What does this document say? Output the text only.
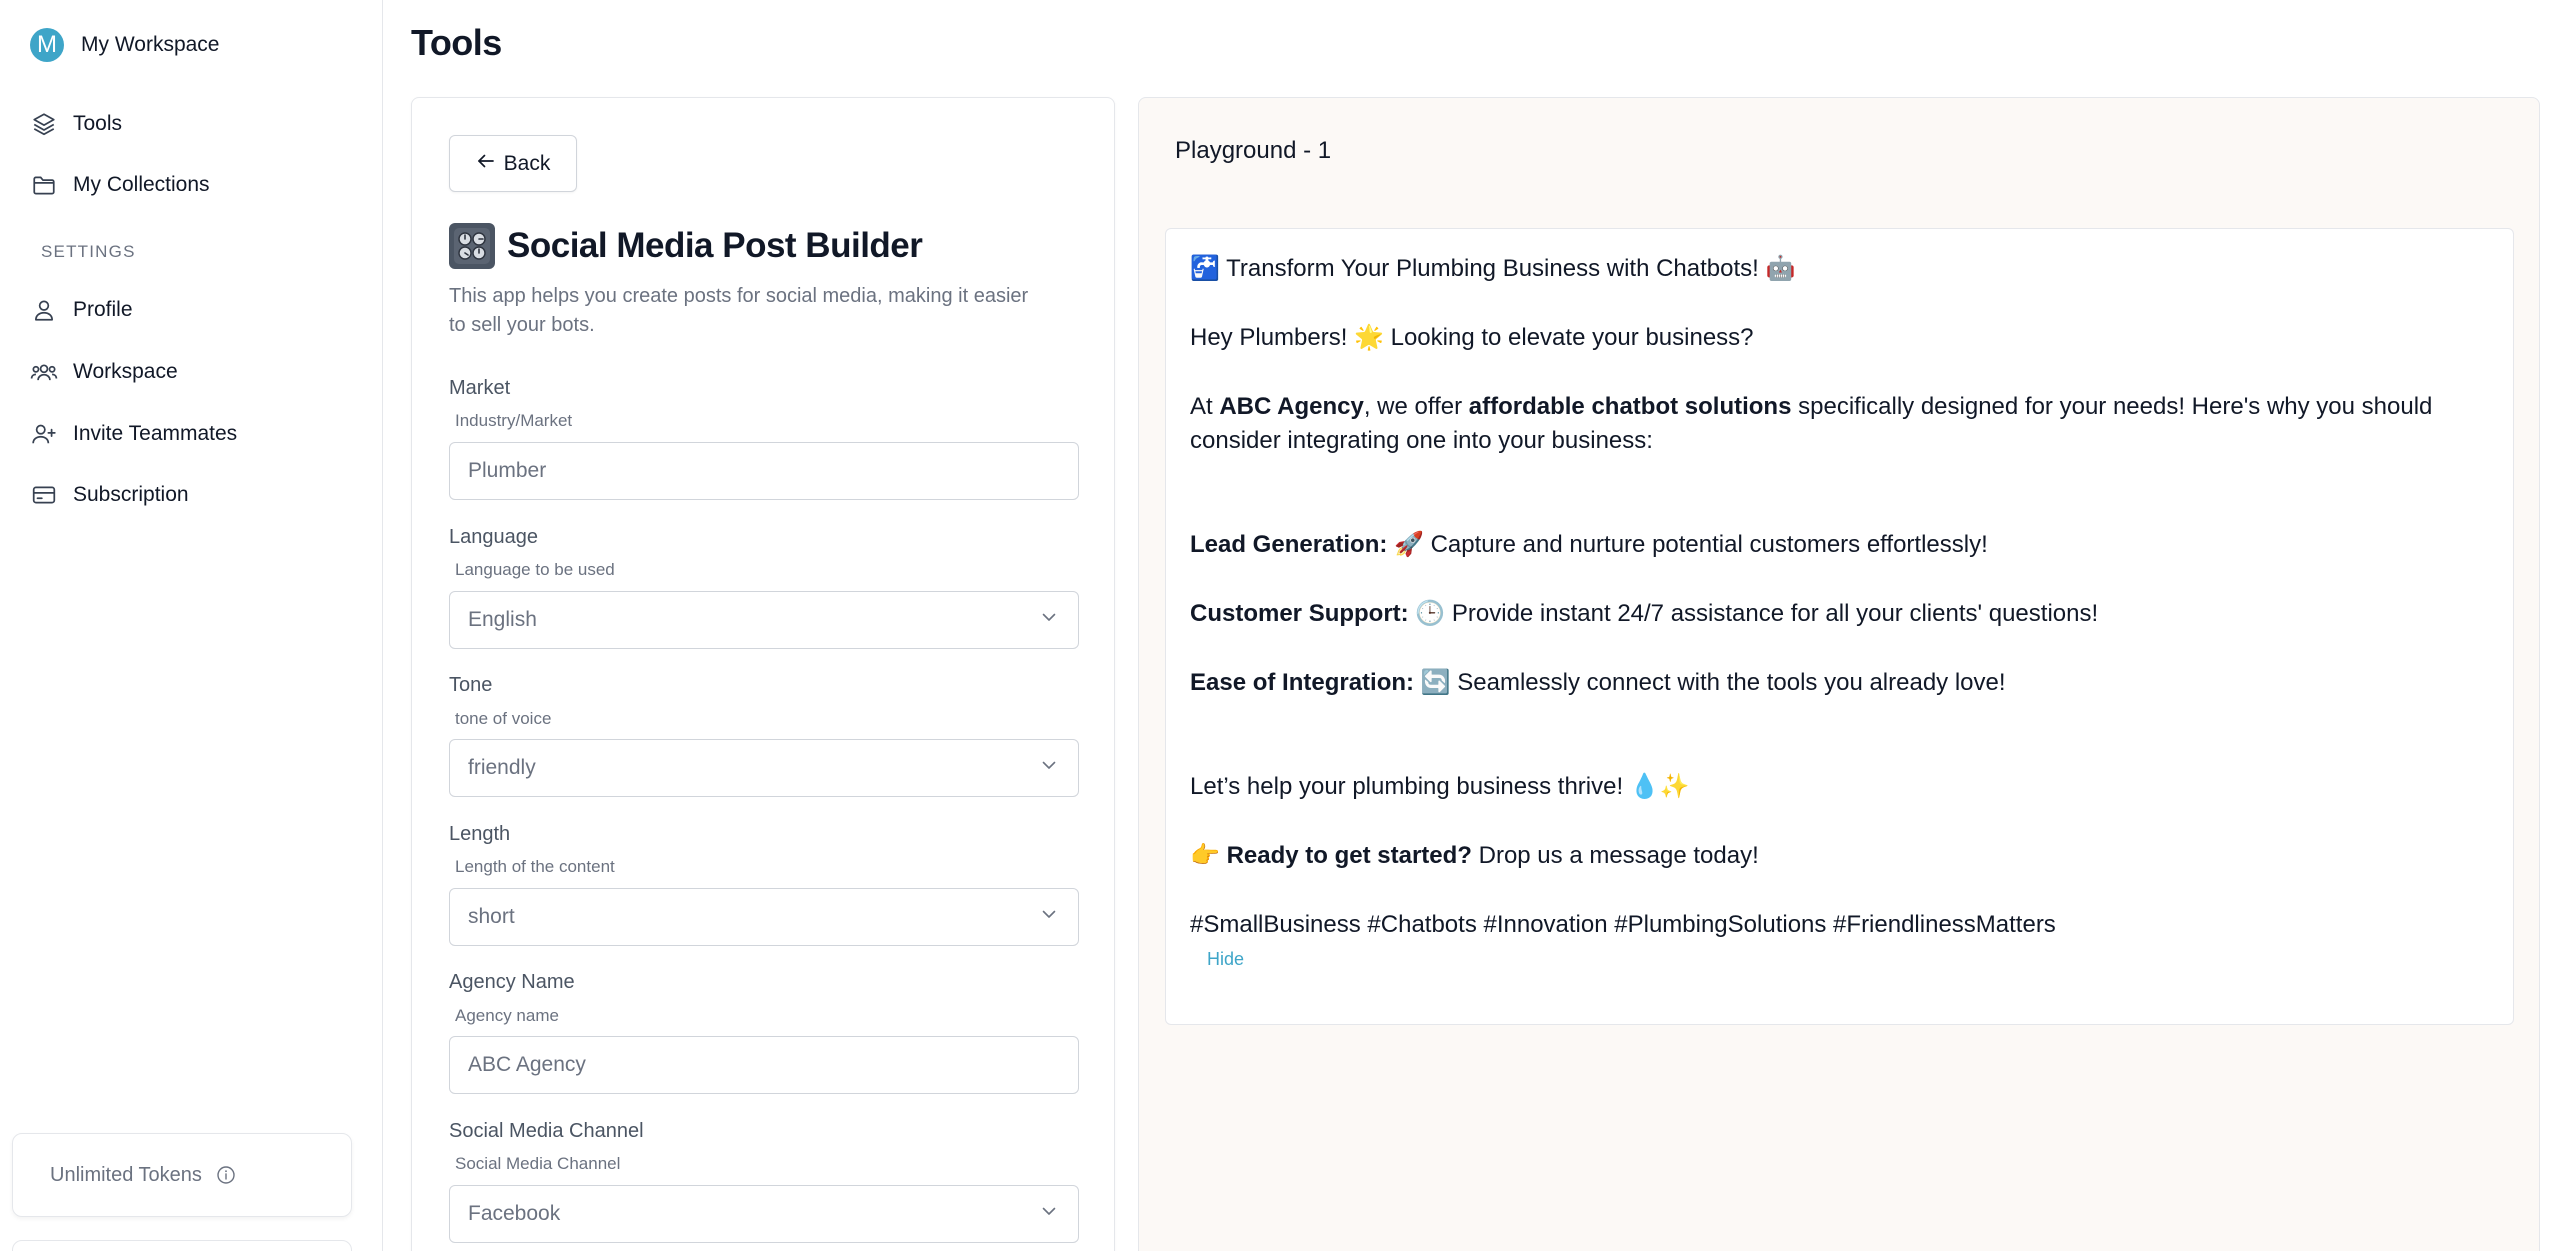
M	My Workspace
Tools
My Collections
SETTINGS
Profile
Workspace
Invite Teammates
Subscription
Unlimited Tokens
Tools
Back
Social Media Post Builder

This app helps you create posts for social media, making it easier to sell your bots.

Market
Industry/Market
Plumber
Language
Language to be used
English
Tone
tone of voice
friendly
Length
Length of the content
short
Agency Name
Agency name
ABC Agency
Social Media Channel
Social Media Channel
Facebook
Playground - 1
🚰 Transform Your Plumbing Business with Chatbots! 🤖
Hey Plumbers! 🌟 Looking to elevate your business?
At ABC Agency, we offer affordable chatbot solutions specifically designed for your needs! Here's why you should consider integrating one into your business:
Lead Generation: 🚀 Capture and nurture potential customers effortlessly!
Customer Support: 🕒 Provide instant 24/7 assistance for all your clients' questions!
Ease of Integration: 🔄 Seamlessly connect with the tools you already love!
Let’s help your plumbing business thrive! 💧✨
👉 Ready to get started? Drop us a message today!
#SmallBusiness #Chatbots #Innovation #PlumbingSolutions #FriendlinessMatters
Hide
